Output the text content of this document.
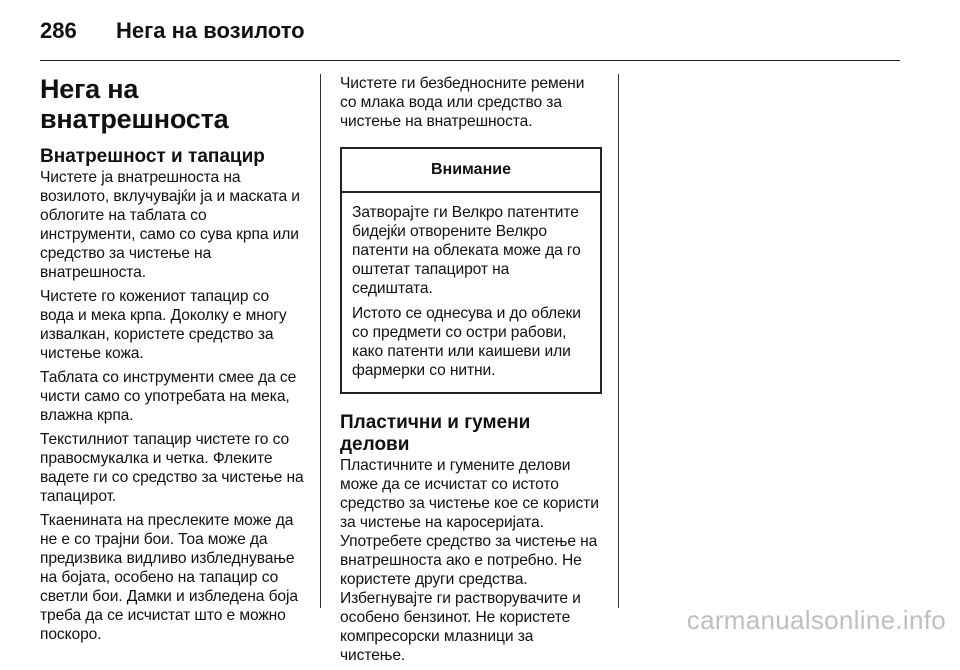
286 Нега на возилото
Нега на внатрешноста
Внатрешност и тапацир

Чистете ја внатрешноста на возилото, вклучувајќи ја и маската и облогите на таблата со инструменти, само со сува крпа или средство за чистење на внатрешноста.

Чистете го кожениот тапацир со вода и мека крпа. Доколку е многу извалкан, користете средство за чистење кожа.

Таблата со инструменти смее да се чисти само со употребата на мека, влажна крпа.

Текстилниот тапацир чистете го со правосмукалка и четка. Флеките вадете ги со средство за чистење на тапацирот.

Ткаенината на преслеките може да не е со трајни бои. Тоа може да предизвика видливо избледнување на бојата, особено на тапацир со светли бои. Дамки и избледена боја треба да се исчистат што е можно поскоро.

Чистете ги безбедносните ремени со млака вода или средство за чистење на внатрешноста.

Внимание

Затворајте ги Велкро патентите бидејќи отворените Велкро патенти на облеката може да го оштетат тапацирот на седиштата.

Истото се однесува и до облеки со предмети со остри рабови, како патенти или каишеви или фармерки со нитни.

Пластични и гумени делови

Пластичните и гумените делови може да се исчистат со истото средство за чистење кое се користи за чистење на каросеријата. Употребете средство за чистење на внатрешноста ако е потребно. Не користете други средства. Избегнувајте ги растворувачите и особено бензинот. Не користете компресорски млазници за чистење.

carmanualsonline.info
